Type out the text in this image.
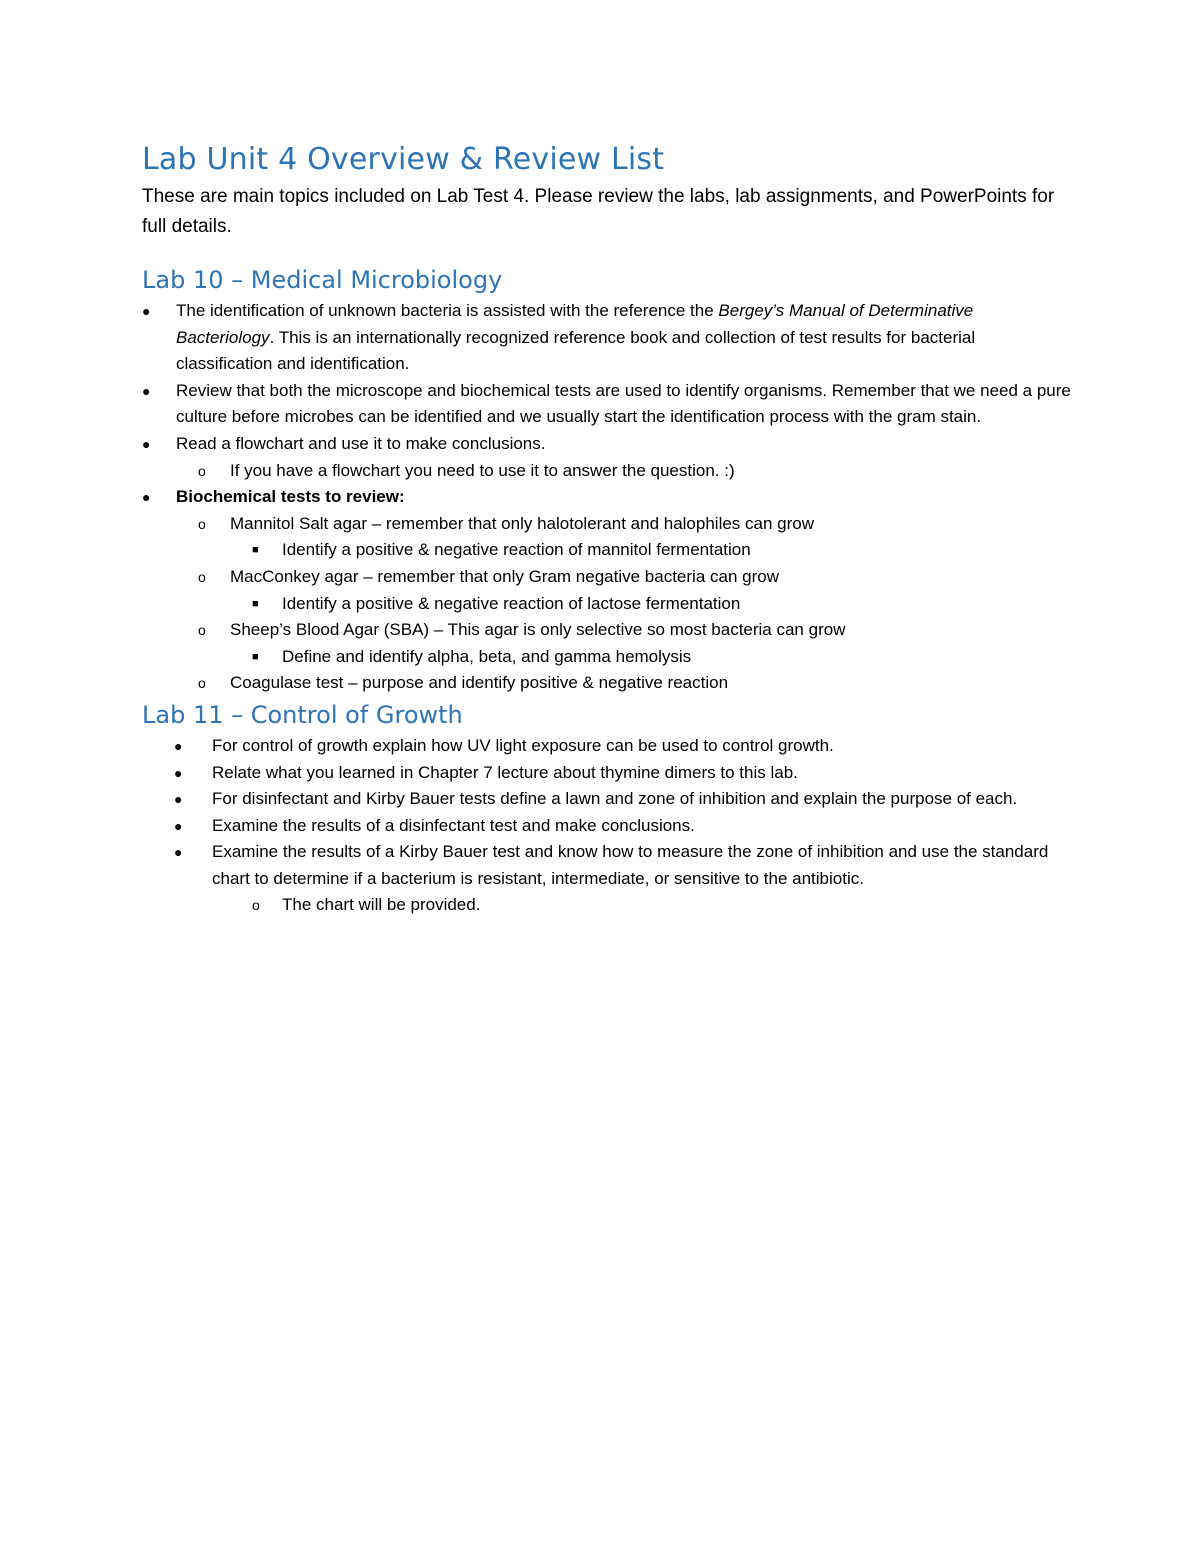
Lab Unit 4 Overview & Review List

These are main topics included on Lab Test 4. Please review the labs, lab assignments, and PowerPoints for full details.

Lab 10 – Medical Microbiology
●	The identification of unknown bacteria is assisted with the reference the Bergey’s Manual of Determinative Bacteriology. This is an internationally recognized reference book and collection of test results for bacterial classification and identification.
●	Review that both the microscope and biochemical tests are used to identify organisms. Remember that we need a pure culture before microbes can be identified and we usually start the identification process with the gram stain.
●	Read a flowchart and use it to make conclusions.
o If you have a flowchart you need to use it to answer the question. :)
●	Biochemical tests to review:
o Mannitol Salt agar – remember that only halotolerant and halophiles can grow
■ Identify a positive & negative reaction of mannitol fermentation
o MacConkey agar – remember that only Gram negative bacteria can grow
■ Identify a positive & negative reaction of lactose fermentation
o Sheep’s Blood Agar (SBA) – This agar is only selective so most bacteria can grow
■ Define and identify alpha, beta, and gamma hemolysis
o Coagulase test – purpose and identify positive & negative reaction
Lab 11 – Control of Growth
●	For control of growth explain how UV light exposure can be used to control growth.
●	Relate what you learned in Chapter 7 lecture about thymine dimers to this lab.
●	For disinfectant and Kirby Bauer tests define a lawn and zone of inhibition and explain the purpose of each.
●	Examine the results of a disinfectant test and make conclusions.
●	Examine the results of a Kirby Bauer test and know how to measure the zone of inhibition and use the standard chart to determine if a bacterium is resistant, intermediate, or sensitive to the antibiotic.
o The chart will be provided.
